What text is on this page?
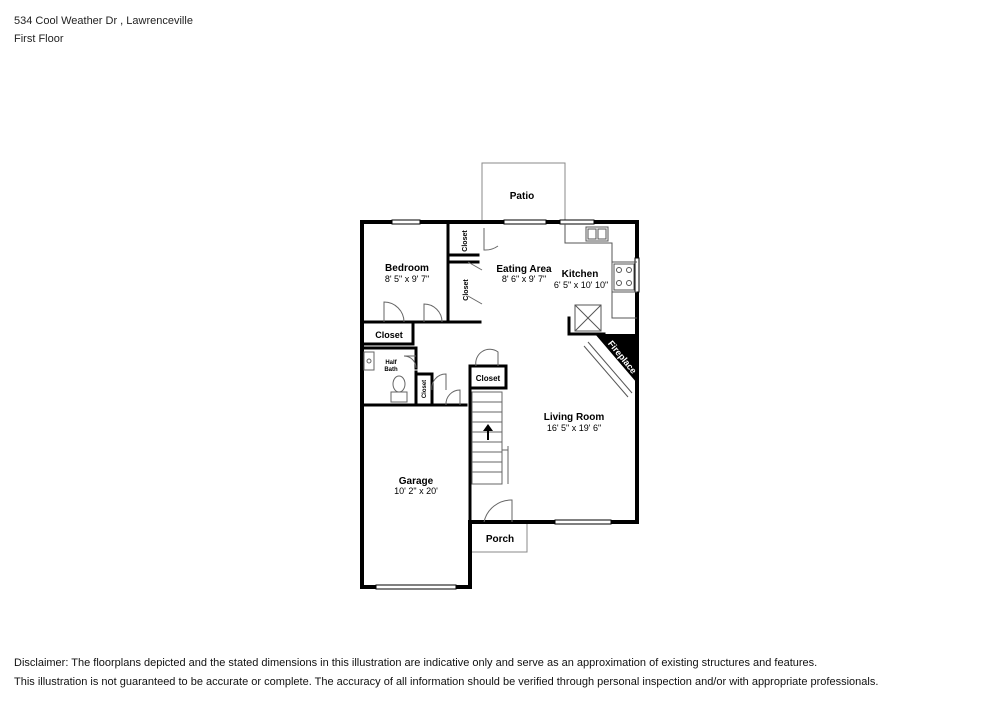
534 Cool Weather Dr , Lawrenceville
First Floor
Patio
Bedroom
8' 5" x 9' 7"
Eating Area
8' 6" x 9' 7" Kitchen
6' 5" x 10' 10"
Closet
Closet
Closet
Closet
Closet
Half
Bath	Fireplace
Living Room
16' 5" x 19' 6"
Garage
10' 2" x 20'
Porch
Disclaimer: The floorplans depicted and the stated dimensions in this illustration are indicative only and serve as an approximation of existing structures and features.
This illustration is not guaranteed to be accurate or complete. The accuracy of all information should be verified through personal inspection and/or with appropriate professionals.
